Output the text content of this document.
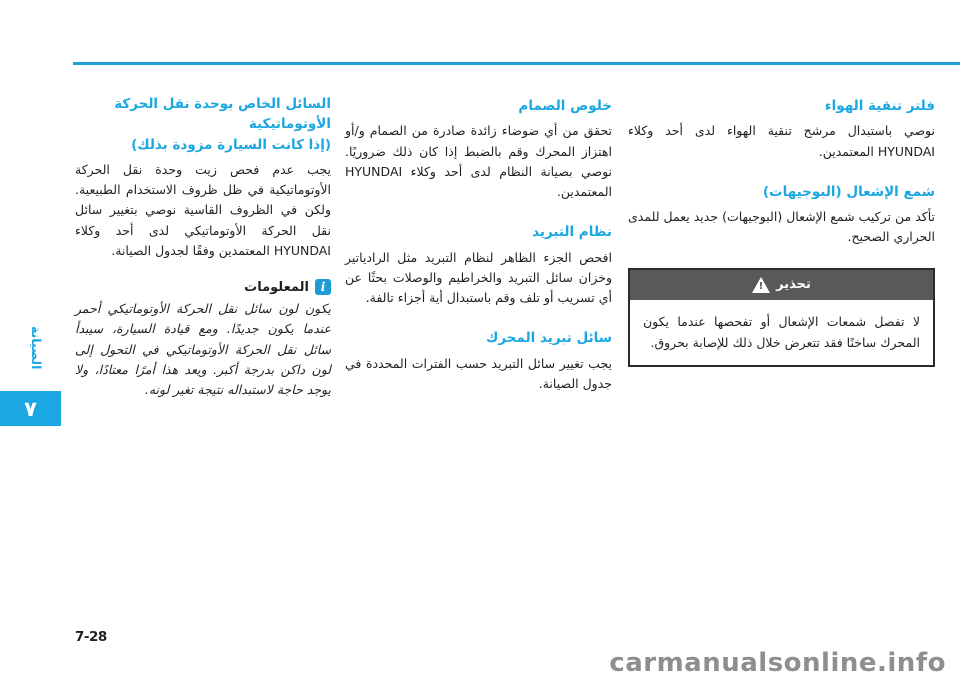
فلتر تنقية الهواء

نوصي باستبدال مرشح تنقية الهواء لدى أحد وكلاء HYUNDAI المعتمدين.

شمع الإشعال (البوجيهات)

تأكد من تركيب شمع الإشعال (البوجيهات) جديد يعمل للمدى الحراري الصحيح.

! تحذير
لا تفصل شمعات الإشعال أو تفحصها عندما يكون المحرك ساخنًا فقد تتعرض خلال ذلك للإصابة بحروق.
خلوص الصمام

تحقق من أي ضوضاء زائدة صادرة من الصمام و/أو اهتزاز المحرك وقم بالضبط إذا كان ذلك ضروريًا. نوصي بصيانة النظام لدى أحد وكلاء HYUNDAI المعتمدين.

نظام التبريد

افحص الجزء الظاهر لنظام التبريد مثل الرادياتير وخزان سائل التبريد والخراطيم والوصلات بحثًا عن أي تسريب أو تلف وقم باستبدال أية أجزاء تالفة.

سائل تبريد المحرك

يجب تغيير سائل التبريد حسب الفترات المحددة في جدول الصيانة.

السائل الخاص بوحدة نقل الحركة الأوتوماتيكية
(إذا كانت السيارة مزودة بذلك)

يجب عدم فحص زيت وحدة نقل الحركة الأوتوماتيكية في ظل ظروف الاستخدام الطبيعية. ولكن في الظروف القاسية نوصي بتغيير سائل نقل الحركة الأوتوماتيكي لدى أحد وكلاء HYUNDAI المعتمدين وفقًا لجدول الصيانة.

i
المعلومات

يكون لون سائل نقل الحركة الأوتوماتيكي أحمر عندما يكون جديدًا. ومع قيادة السيارة، سيبدأ سائل نقل الحركة الأوتوماتيكي في التحول إلى لون داكن بدرجة أكبر. ويعد هذا أمرًا معتادًا، ولا يوجد حاجة لاستبداله نتيجة تغير لونه.

الصيانة
٧
7-28
carmanualsonline.info
